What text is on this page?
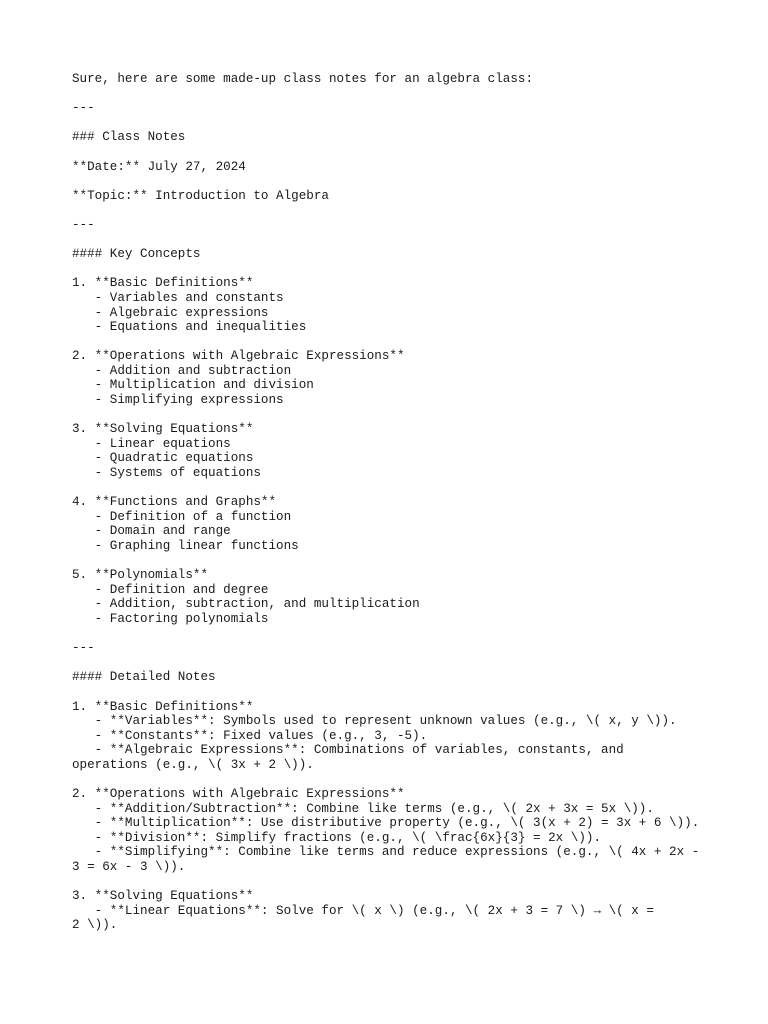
Sure, here are some made-up class notes for an algebra class:
---
### Class Notes
**Date:** July 27, 2024
**Topic:** Introduction to Algebra
---
#### Key Concepts
1. **Basic Definitions**
- Variables and constants
- Algebraic expressions
- Equations and inequalities
2. **Operations with Algebraic Expressions**
- Addition and subtraction
- Multiplication and division
- Simplifying expressions
3. **Solving Equations**
- Linear equations
- Quadratic equations
- Systems of equations
4. **Functions and Graphs**
- Definition of a function
- Domain and range
- Graphing linear functions
5. **Polynomials**
- Definition and degree
- Addition, subtraction, and multiplication
- Factoring polynomials
---
#### Detailed Notes
1. **Basic Definitions**
- **Variables**: Symbols used to represent unknown values (e.g., \( x, y \)).
- **Constants**: Fixed values (e.g., 3, -5).
- **Algebraic Expressions**: Combinations of variables, constants, and
operations (e.g., \( 3x + 2 \)).
2. **Operations with Algebraic Expressions**
- **Addition/Subtraction**: Combine like terms (e.g., \( 2x + 3x = 5x \)).
- **Multiplication**: Use distributive property (e.g., \( 3(x + 2) = 3x + 6 \)).
- **Division**: Simplify fractions (e.g., \( \frac{6x}{3} = 2x \)).
- **Simplifying**: Combine like terms and reduce expressions (e.g., \( 4x + 2x -
3 = 6x - 3 \)).
3. **Solving Equations**
- **Linear Equations**: Solve for \( x \) (e.g., \( 2x + 3 = 7 \) → \( x =
2 \)).
